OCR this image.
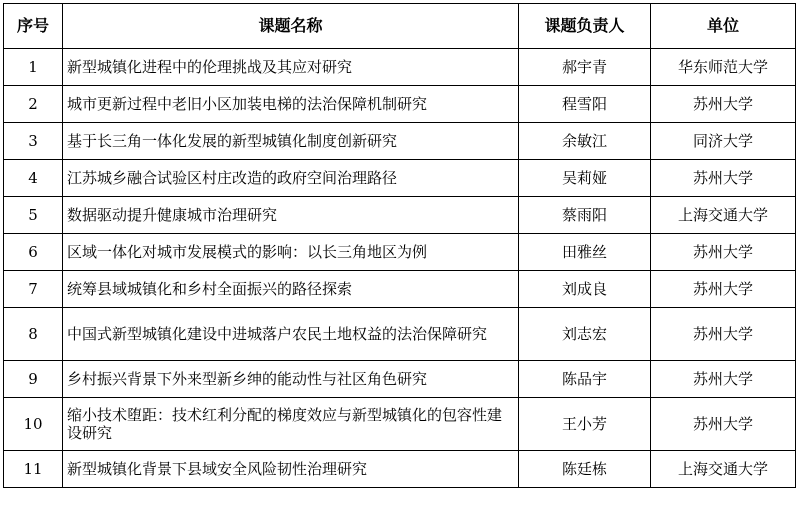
序号	课题名称	课题负责人	单位
1	新型城镇化进程中的伦理挑战及其应对研究	郝宇青	华东师范大学
2	城市更新过程中老旧小区加装电梯的法治保障机制研究	程雪阳	苏州大学
3	基于长三角一体化发展的新型城镇化制度创新研究	余敏江	同济大学
4	江苏城乡融合试验区村庄改造的政府空间治理路径	吴莉娅	苏州大学
5	数据驱动提升健康城市治理研究	蔡雨阳	上海交通大学
6	区域一体化对城市发展模式的影响：以长三角地区为例	田雅丝	苏州大学
7	统筹县域城镇化和乡村全面振兴的路径探索	刘成良	苏州大学
8	中国式新型城镇化建设中进城落户农民土地权益的法治保障研究	刘志宏	苏州大学
9	乡村振兴背景下外来型新乡绅的能动性与社区角色研究	陈品宇	苏州大学
10	缩小技术堕距：技术红利分配的梯度效应与新型城镇化的包容性建设研究	王小芳	苏州大学
11	新型城镇化背景下县域安全风险韧性治理研究	陈廷栋	上海交通大学
